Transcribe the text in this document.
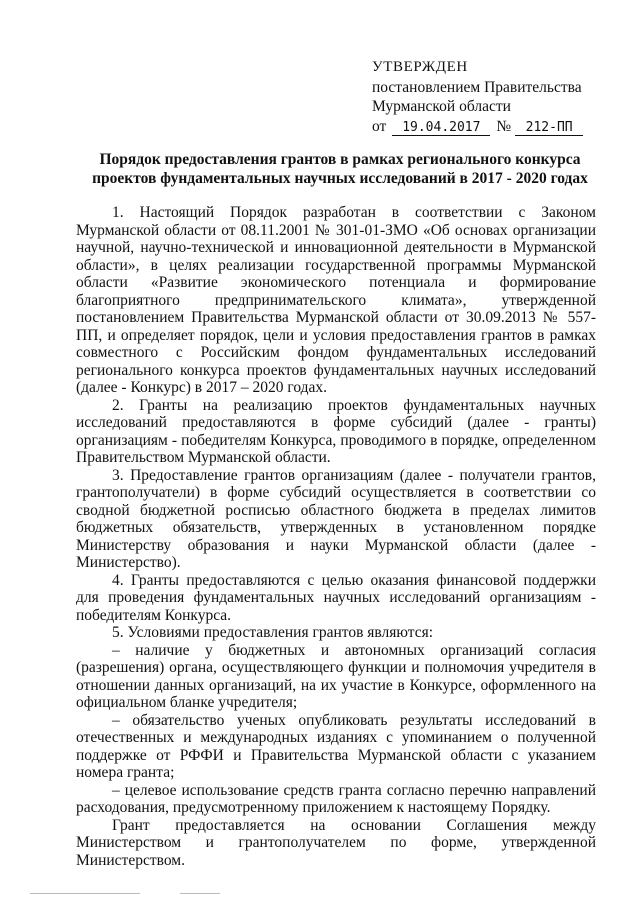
УТВЕРЖДЕН
постановлением Правительства
Мурманской области
от 19.04.2017 № 212-ПП
Порядок предоставления грантов в рамках регионального конкурса
проектов фундаментальных научных исследований в 2017 - 2020 годах

1. Настоящий Порядок разработан в соответствии с Законом Мурманской области от 08.11.2001 № 301-01-ЗМО «Об основах организации научной, научно-технической и инновационной деятельности в Мурманской области», в целях реализации государственной программы Мурманской области «Развитие экономического потенциала и формирование благоприятного предпринимательского климата», утвержденной постановлением Правительства Мурманской области от 30.09.2013 № 557-ПП, и определяет порядок, цели и условия предоставления грантов в рамках совместного с Российским фондом фундаментальных исследований регионального конкурса проектов фундаментальных научных исследований (далее - Конкурс) в 2017 – 2020 годах.

2. Гранты на реализацию проектов фундаментальных научных исследований предоставляются в форме субсидий (далее - гранты) организациям - победителям Конкурса, проводимого в порядке, определенном Правительством Мурманской области.

3. Предоставление грантов организациям (далее - получатели грантов, грантополучатели) в форме субсидий осуществляется в соответствии со сводной бюджетной росписью областного бюджета в пределах лимитов бюджетных обязательств, утвержденных в установленном порядке Министерству образования и науки Мурманской области (далее - Министерство).

4. Гранты предоставляются с целью оказания финансовой поддержки для проведения фундаментальных научных исследований организациям - победителям Конкурса.

5. Условиями предоставления грантов являются:

– наличие у бюджетных и автономных организаций согласия (разрешения) органа, осуществляющего функции и полномочия учредителя в отношении данных организаций, на их участие в Конкурсе, оформленного на официальном бланке учредителя;

– обязательство ученых опубликовать результаты исследований в отечественных и международных изданиях с упоминанием о полученной поддержке от РФФИ и Правительства Мурманской области с указанием номера гранта;

– целевое использование средств гранта согласно перечню направлений расходования, предусмотренному приложением к настоящему Порядку.

Грант предоставляется на основании Соглашения между Министерством и грантополучателем по форме, утвержденной Министерством.
